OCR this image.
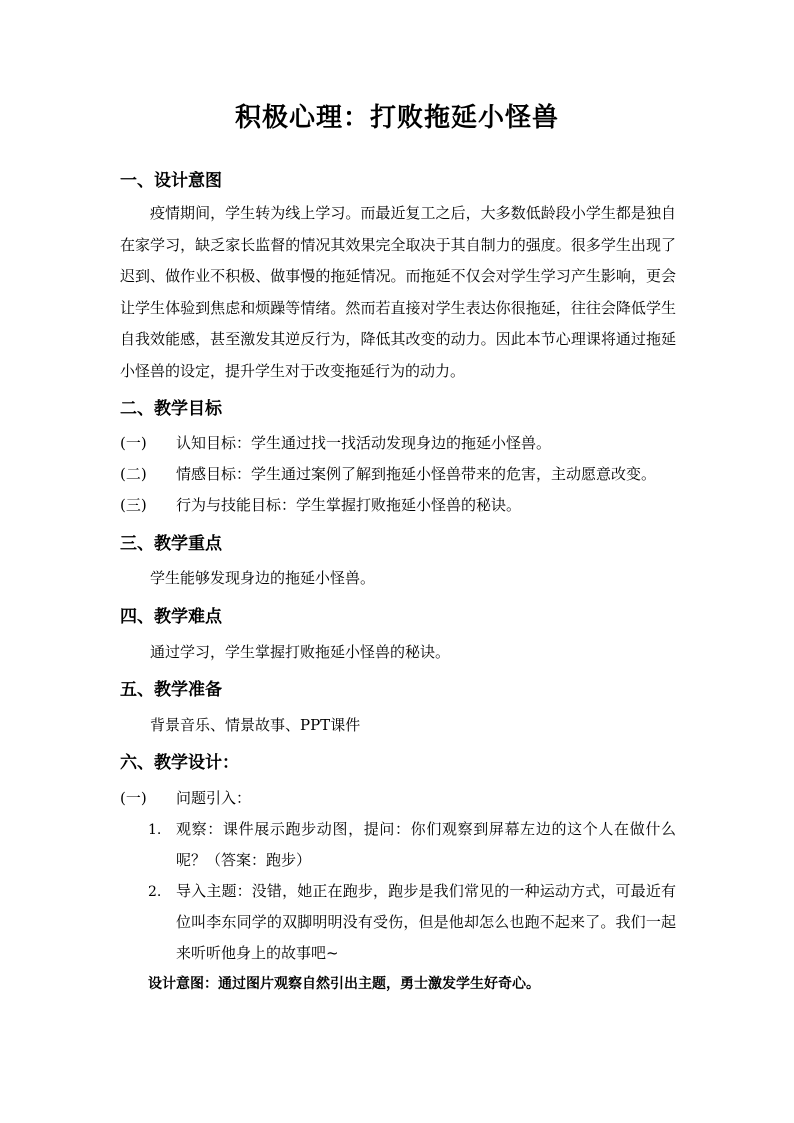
积极心理：打败拖延小怪兽
一、设计意图
疫情期间，学生转为线上学习。而最近复工之后，大多数低龄段小学生都是独自在家学习，缺乏家长监督的情况其效果完全取决于其自制力的强度。很多学生出现了迟到、做作业不积极、做事慢的拖延情况。而拖延不仅会对学生学习产生影响，更会让学生体验到焦虑和烦躁等情绪。然而若直接对学生表达你很拖延，往往会降低学生自我效能感，甚至激发其逆反行为，降低其改变的动力。因此本节心理课将通过拖延小怪兽的设定，提升学生对于改变拖延行为的动力。
二、教学目标
(一) 认知目标：学生通过找一找活动发现身边的拖延小怪兽。
(二) 情感目标：学生通过案例了解到拖延小怪兽带来的危害，主动愿意改变。
(三) 行为与技能目标：学生掌握打败拖延小怪兽的秘诀。
三、教学重点
学生能够发现身边的拖延小怪兽。
四、教学难点
通过学习，学生掌握打败拖延小怪兽的秘诀。
五、教学准备
背景音乐、情景故事、PPT课件
六、教学设计：
(一) 问题引入：
1. 观察：课件展示跑步动图，提问：你们观察到屏幕左边的这个人在做什么呢？（答案：跑步）
2. 导入主题：没错，她正在跑步，跑步是我们常见的一种运动方式，可最近有位叫李东同学的双脚明明没有受伤，但是他却怎么也跑不起来了。我们一起来听听他身上的故事吧~
设计意图：通过图片观察自然引出主题，勇士激发学生好奇心。
